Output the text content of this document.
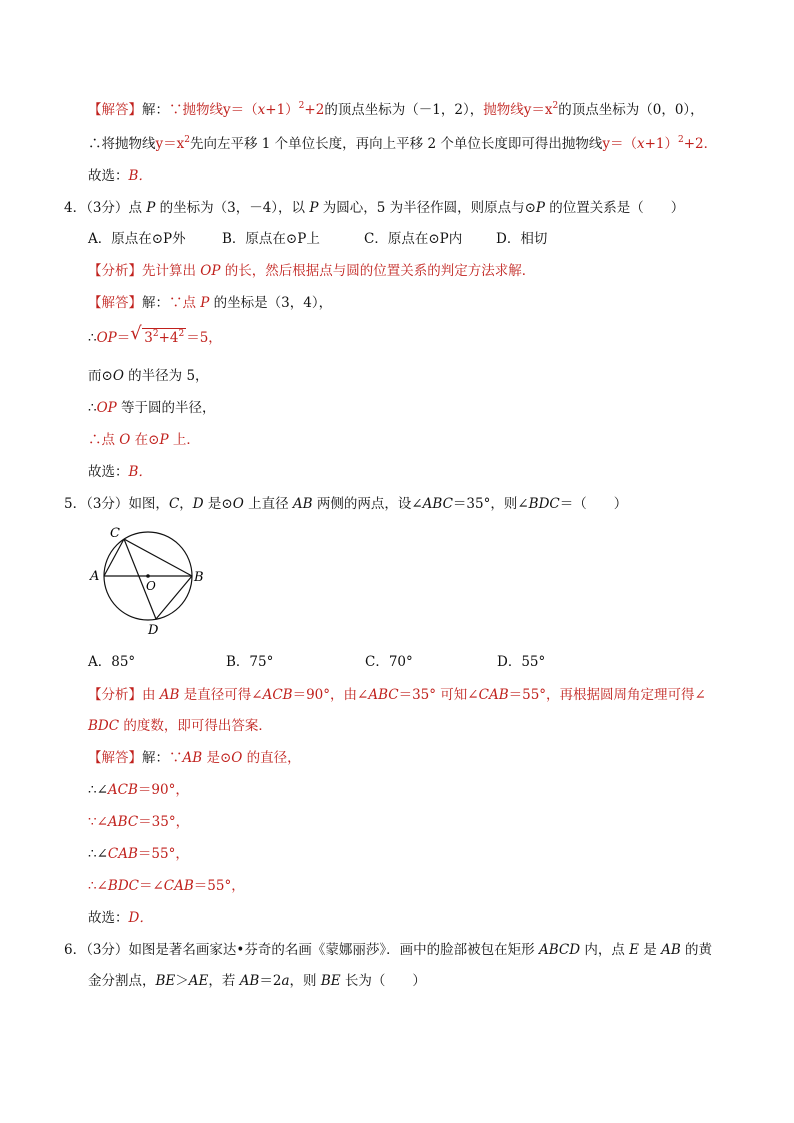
【解答】解：∵抛物线$y=(x+1)^2+2$的顶点坐标为（－1，2），抛物线$y=x^2$的顶点坐标为（0，0），
∴将抛物线$y=x^2$先向左平移 1 个单位长度，再向上平移 2 个单位长度即可得出抛物线$y=(x+1)^2+2$．
故选：B．
4．（3分）点 P 的坐标为（3，－4），以 P 为圆心，5 为半径作圆，则原点与⊙P 的位置关系是（　　）
A．原点在⊙P外	B．原点在⊙P上	C．原点在⊙P内	D．相切
【分析】先计算出 OP 的长，然后根据点与圆的位置关系的判定方法求解．
【解答】解：∵点 P 的坐标是（3，4），
∴OP＝ √ $3^2+4^2 =5$，
而⊙O 的半径为 5，
∴OP 等于圆的半径，
∴点 O 在⊙P 上．
故选：B．
5．（3分）如图，C，D 是⊙O 上直径 AB 两侧的两点，设∠ABC＝35°，则∠BDC＝（　　）
A	B
C
D
O
A．85°	B．75°	C．70°	D．55°
【分析】由 AB 是直径可得∠ACB＝90°，由∠ABC＝35° 可知∠CAB＝55°，再根据圆周角定理可得∠
BDC 的度数，即可得出答案．
【解答】解：∵AB 是⊙O 的直径，
∴∠ACB＝90°，
∵∠ABC＝35°，
∴∠CAB＝55°，
∴∠BDC＝∠CAB＝55°，
故选：D．
6．（3分）如图是著名画家达•芬奇的名画《蒙娜丽莎》．画中的脸部被包在矩形 ABCD 内，点 E 是 AB 的黄
金分割点，BE＞AE，若 AB＝2a，则 BE 长为（　　）
